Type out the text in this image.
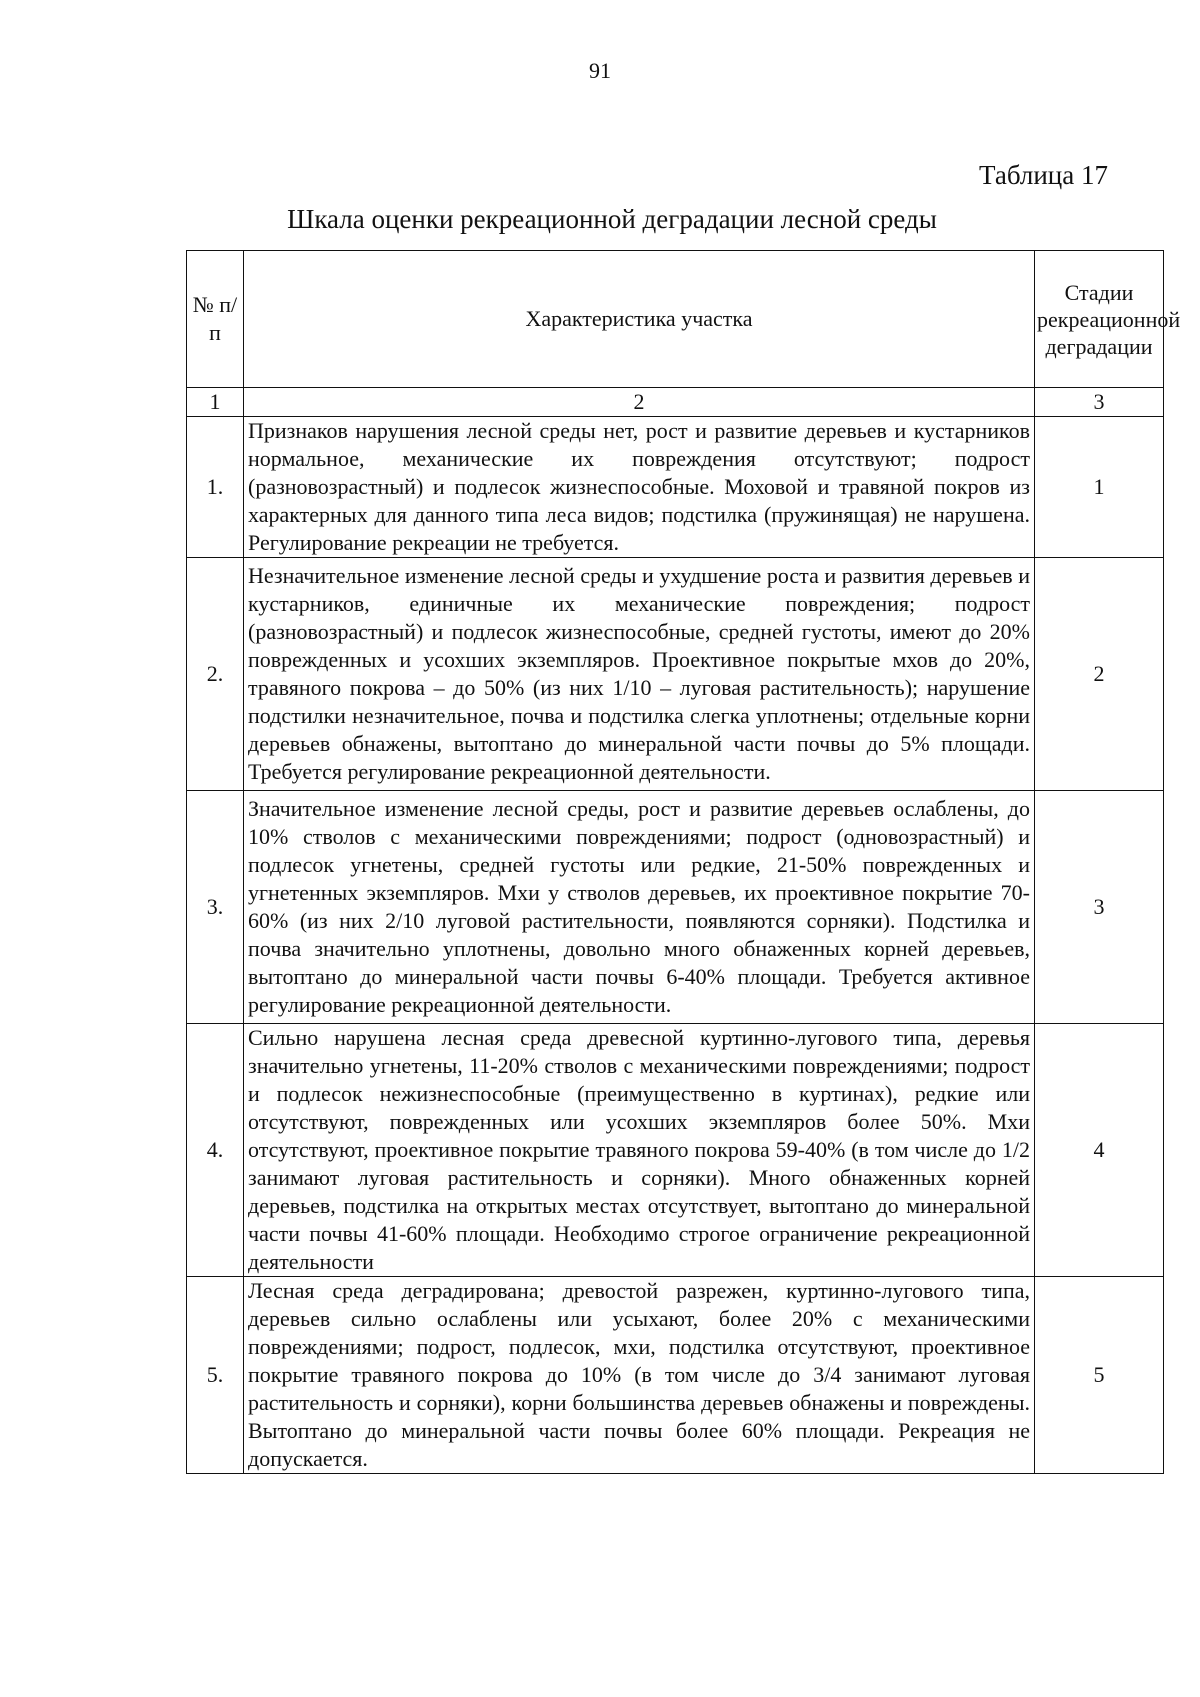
91
Таблица 17
Шкала оценки рекреационной деградации лесной среды
№ п/п	Характеристика участка	Стадии рекреационной деградации
1	2	3
1.	Признаков нарушения лесной среды нет, рост и развитие деревьев и кустарников нормальное, механические их повреждения отсутствуют; подрост (разновозрастный) и подлесок жизнеспособные. Моховой и травяной покров из характерных для данного типа леса видов; подстилка (пружинящая) не нарушена. Регулирование рекреации не требуется.	1
2.	Незначительное изменение лесной среды и ухудшение роста и развития деревьев и кустарников, единичные их механические повреждения; подрост (разновозрастный) и подлесок жизнеспособные, средней густоты, имеют до 20% поврежденных и усохших экземпляров. Проективное покрытые мхов до 20%, травяного покрова – до 50% (из них 1/10 – луговая растительность); нарушение подстилки незначительное, почва и подстилка слегка уплотнены; отдельные корни деревьев обнажены, вытоптано до минеральной части почвы до 5% площади. Требуется регулирование рекреационной деятельности.	2
3.	Значительное изменение лесной среды, рост и развитие деревьев ослаблены, до 10% стволов с механическими повреждениями; подрост (одновозрастный) и подлесок угнетены, средней густоты или редкие, 21-50% поврежденных и угнетенных экземпляров. Мхи у стволов деревьев, их проективное покрытие 70-60% (из них 2/10 луговой растительности, появляются сорняки). Подстилка и почва значительно уплотнены, довольно много обнаженных корней деревьев, вытоптано до минеральной части почвы 6-40% площади. Требуется активное регулирование рекреационной деятельности.	3
4.	Сильно нарушена лесная среда древесной куртинно-лугового типа, деревья значительно угнетены, 11-20% стволов с механическими повреждениями; подрост и подлесок нежизнеспособные (преимущественно в куртинах), редкие или отсутствуют, поврежденных или усохших экземпляров более 50%. Мхи отсутствуют, проективное покрытие травяного покрова 59-40% (в том числе до 1/2 занимают луговая растительность и сорняки). Много обнаженных корней деревьев, подстилка на открытых местах отсутствует, вытоптано до минеральной части почвы 41-60% площади. Необходимо строгое ограничение рекреационной деятельности	4
5.	Лесная среда деградирована; древостой разрежен, куртинно-лугового типа, деревьев сильно ослаблены или усыхают, более 20% с механическими повреждениями; подрост, подлесок, мхи, подстилка отсутствуют, проективное покрытие травяного покрова до 10% (в том числе до 3/4 занимают луговая растительность и сорняки), корни большинства деревьев обнажены и повреждены. Вытоптано до минеральной части почвы более 60% площади. Рекреация не допускается.	5
